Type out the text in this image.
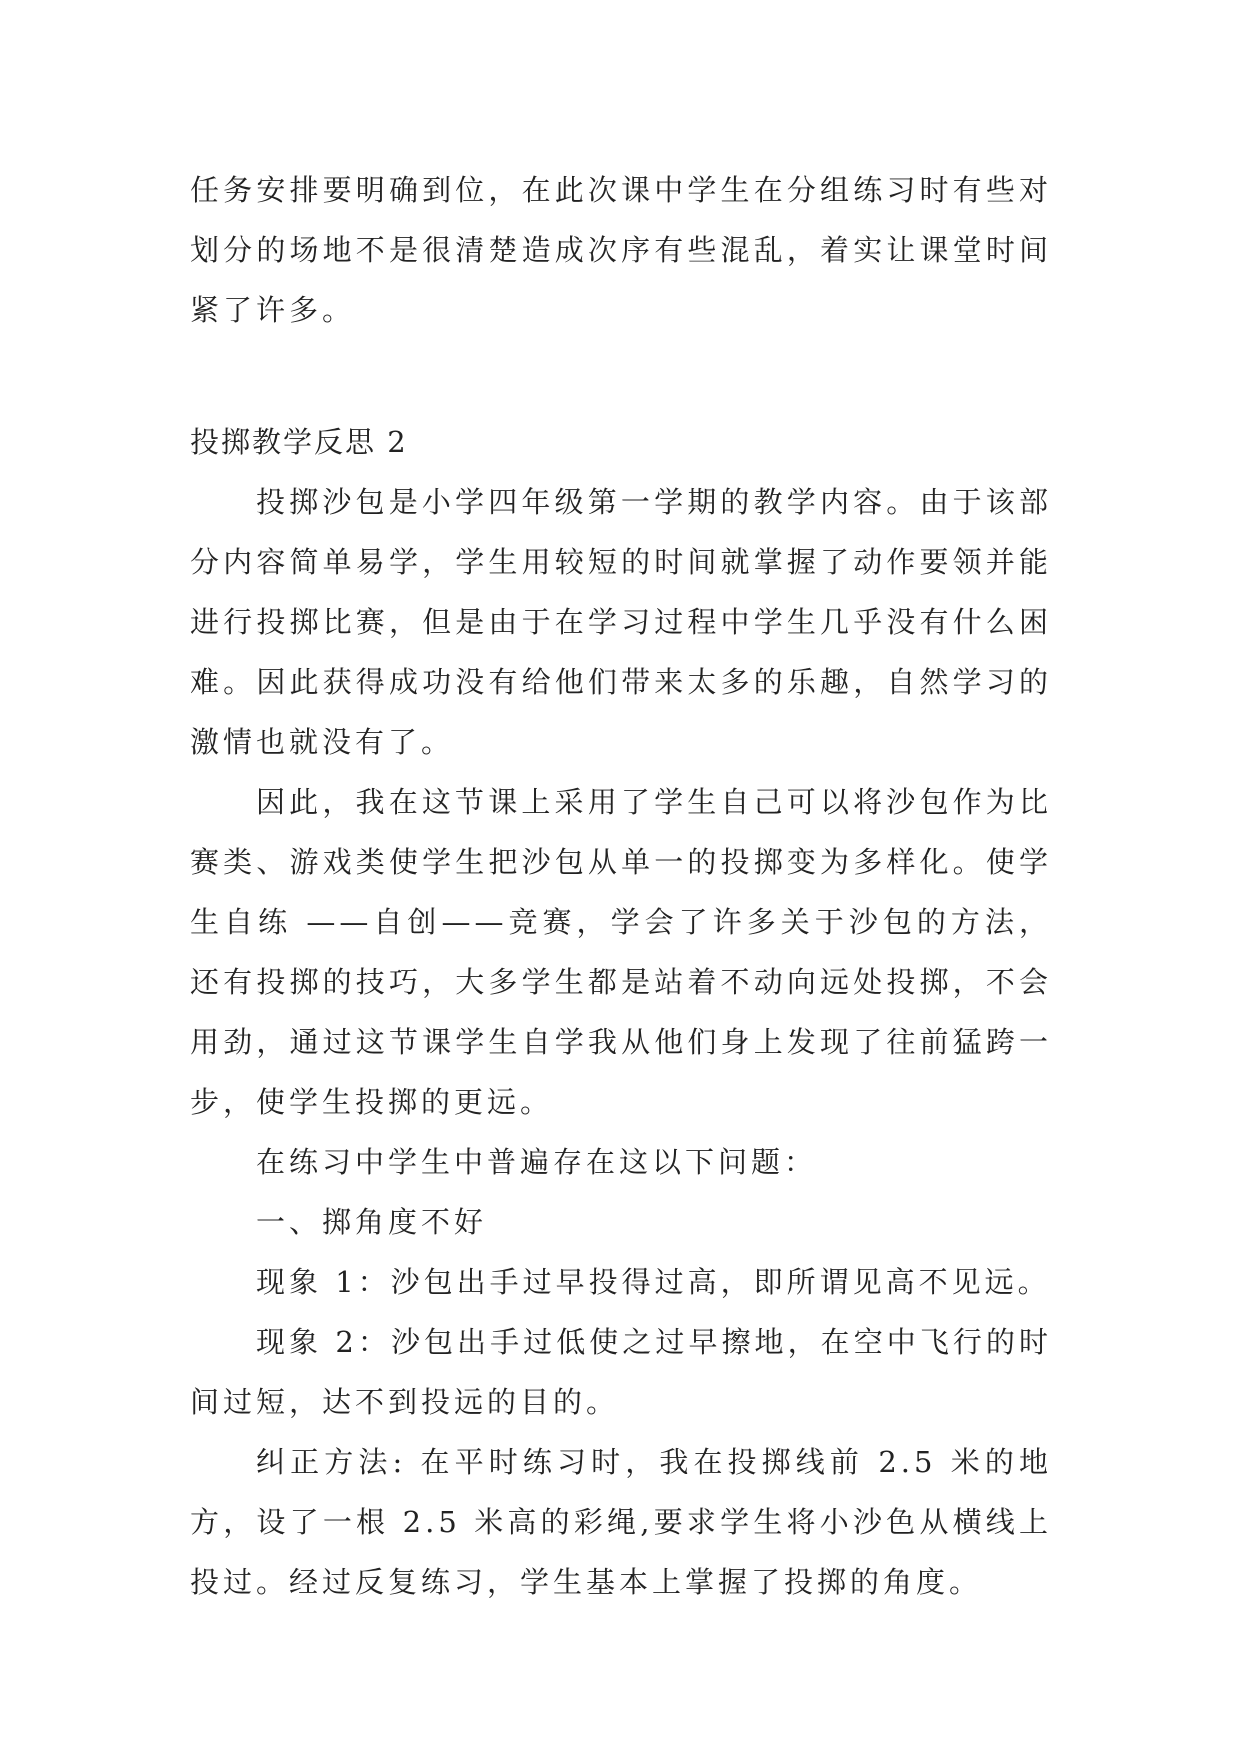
任务安排要明确到位，在此次课中学生在分组练习时有些对划分的场地不是很清楚造成次序有些混乱，着实让课堂时间紧了许多。

投掷教学反思 2

投掷沙包是小学四年级第一学期的教学内容。由于该部分内容简单易学，学生用较短的时间就掌握了动作要领并能进行投掷比赛，但是由于在学习过程中学生几乎没有什么困难。因此获得成功没有给他们带来太多的乐趣，自然学习的激情也就没有了。

因此，我在这节课上采用了学生自己可以将沙包作为比赛类、游戏类使学生把沙包从单一的投掷变为多样化。使学生自练 ——自创——竞赛，学会了许多关于沙包的方法，还有投掷的技巧，大多学生都是站着不动向远处投掷，不会用劲，通过这节课学生自学我从他们身上发现了往前猛跨一步，使学生投掷的更远。

在练习中学生中普遍存在这以下问题：

一、掷角度不好

现象 1：沙包出手过早投得过高，即所谓见高不见远。

现象 2：沙包出手过低使之过早擦地，在空中飞行的时间过短，达不到投远的目的。

纠正方法: 在平时练习时，我在投掷线前 2.5 米的地方，设了一根 2.5 米高的彩绳,要求学生将小沙色从横线上投过。经过反复练习，学生基本上掌握了投掷的角度。
